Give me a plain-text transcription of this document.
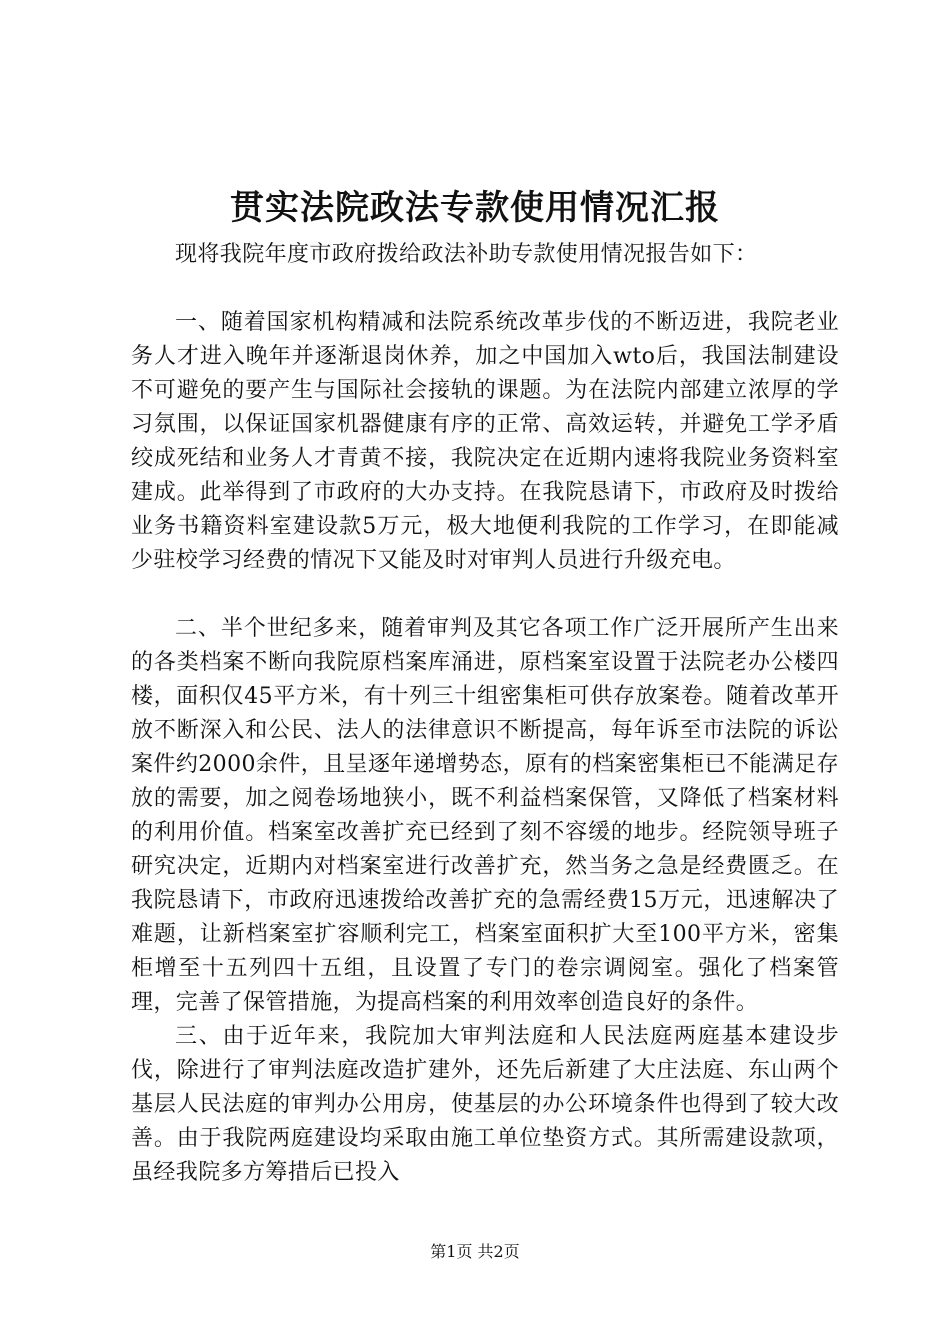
贯实法院政法专款使用情况汇报

现将我院年度市政府拨给政法补助专款使用情况报告如下：

一、随着国家机构精减和法院系统改革步伐的不断迈进，我院老业务人才进入晚年并逐渐退岗休养，加之中国加入wto后，我国法制建设不可避免的要产生与国际社会接轨的课题。为在法院内部建立浓厚的学习氛围，以保证国家机器健康有序的正常、高效运转，并避免工学矛盾绞成死结和业务人才青黄不接，我院决定在近期内速将我院业务资料室建成。此举得到了市政府的大办支持。在我院恳请下，市政府及时拨给业务书籍资料室建设款5万元，极大地便利我院的工作学习，在即能减少驻校学习经费的情况下又能及时对审判人员进行升级充电。

二、半个世纪多来，随着审判及其它各项工作广泛开展所产生出来的各类档案不断向我院原档案库涌进，原档案室设置于法院老办公楼四楼，面积仅45平方米，有十列三十组密集柜可供存放案卷。随着改革开放不断深入和公民、法人的法律意识不断提高，每年诉至市法院的诉讼案件约2000余件，且呈逐年递增势态，原有的档案密集柜已不能满足存放的需要，加之阅卷场地狭小，既不利益档案保管，又降低了档案材料的利用价值。档案室改善扩充已经到了刻不容缓的地步。经院领导班子研究决定，近期内对档案室进行改善扩充，然当务之急是经费匮乏。在我院恳请下，市政府迅速拨给改善扩充的急需经费15万元，迅速解决了难题，让新档案室扩容顺利完工，档案室面积扩大至100平方米，密集柜增至十五列四十五组，且设置了专门的卷宗调阅室。强化了档案管理，完善了保管措施，为提高档案的利用效率创造良好的条件。

三、由于近年来，我院加大审判法庭和人民法庭两庭基本建设步伐，除进行了审判法庭改造扩建外，还先后新建了大庄法庭、东山两个基层人民法庭的审判办公用房，使基层的办公环境条件也得到了较大改善。由于我院两庭建设均采取由施工单位垫资方式。其所需建设款项，虽经我院多方筹措后已投入

第1页 共2页
